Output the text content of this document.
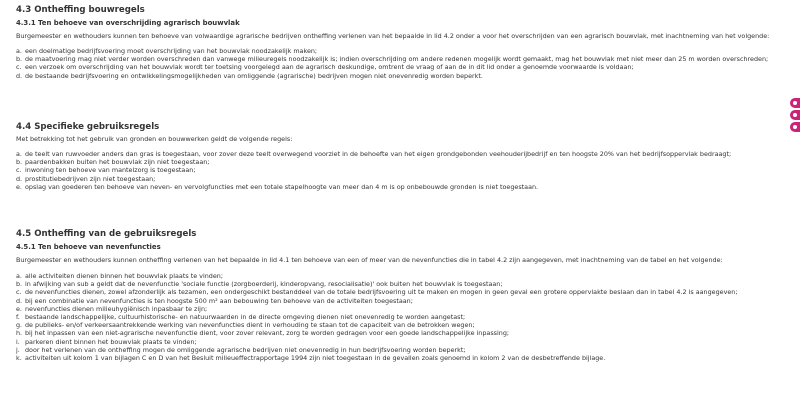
4.3 Ontheffing bouwregels
4.3.1 Ten behoeve van overschrijding agrarisch bouwvlak
Burgemeester en wethouders kunnen ten behoeve van volwaardige agrarische bedrijven ontheffing verlenen van het bepaalde in lid 4.2 onder a voor het overschrijden van een agrarisch bouwvlak, met inachtneming van het volgende:
a. een doelmatige bedrijfsvoering moet overschrijding van het bouwvlak noodzakelijk maken;
b. de maatvoering mag niet verder worden overschreden dan vanwege milieuregels noodzakelijk is; indien overschrijding om andere redenen mogelijk wordt gemaakt, mag het bouwvlak met niet meer dan 25 m worden overschreden;
c. een verzoek om overschrijding van het bouwvlak wordt ter toetsing voorgelegd aan de agrarisch deskundige, omtrent de vraag of aan de in dit lid onder a genoemde voorwaarde is voldaan;
d. de bestaande bedrijfsvoering en ontwikkelingsmogelijkheden van omliggende (agrarische) bedrijven mogen niet onevenredig worden beperkt.
4.4 Specifieke gebruiksregels
Met betrekking tot het gebruik van gronden en bouwwerken geldt de volgende regels:
a. de teelt van ruwvoeder anders dan gras is toegestaan, voor zover deze teelt overwegend voorziet in de behoefte van het eigen grondgebonden veehouderijbedrijf en ten hoogste 20% van het bedrijfsoppervlak bedraagt;
b. paardenbakken buiten het bouwvlak zijn niet toegestaan;
c. inwoning ten behoeve van mantelzorg is toegestaan;
d. prostitutiebedrijven zijn niet toegestaan;
e. opslag van goederen ten behoeve van neven- en vervolgfuncties met een totale stapelhoogte van meer dan 4 m is op onbebouwde gronden is niet toegestaan.
4.5 Ontheffing van de gebruiksregels
4.5.1 Ten behoeve van nevenfuncties
Burgemeester en wethouders kunnen ontheffing verlenen van het bepaalde in lid 4.1 ten behoeve van een of meer van de nevenfuncties die in tabel 4.2 zijn aangegeven, met inachtneming van de tabel en het volgende:
a. alle activiteiten dienen binnen het bouwvlak plaats te vinden;
b. in afwijking van sub a geldt dat de nevenfunctie 'sociale functie (zorgboerderij, kinderopvang, resocialisatie)' ook buiten het bouwvlak is toegestaan;
c. de nevenfuncties dienen, zowel afzonderlijk als tezamen, een ondergeschikt bestanddeel van de totale bedrijfsvoering uit te maken en mogen in geen geval een grotere oppervlakte beslaan dan in tabel 4.2 is aangegeven;
d. bij een combinatie van nevenfuncties is ten hoogste 500 m² aan bebouwing ten behoeve van de activiteiten toegestaan;
e. nevenfuncties dienen milieuhygiënisch inpasbaar te zijn;
f. bestaande landschappelijke, cultuurhistorische- en natuurwaarden in de directe omgeving dienen niet onevenredig te worden aangetast;
g. de publieks- en/of verkeersaantrekkende werking van nevenfuncties dient in verhouding te staan tot de capaciteit van de betrokken wegen;
h. bij het inpassen van een niet-agrarische nevenfunctie dient, voor zover relevant, zorg te worden gedragen voor een goede landschappelijke inpassing;
i. parkeren dient binnen het bouwvlak plaats te vinden;
j. door het verlenen van de ontheffing mogen de omliggende agrarische bedrijven niet onevenredig in hun bedrijfsvoering worden beperkt;
k. activiteiten uit kolom 1 van bijlagen C en D van het Besluit milieueffectrapportage 1994 zijn niet toegestaan in de gevallen zoals genoemd in kolom 2 van de desbetreffende bijlage.
